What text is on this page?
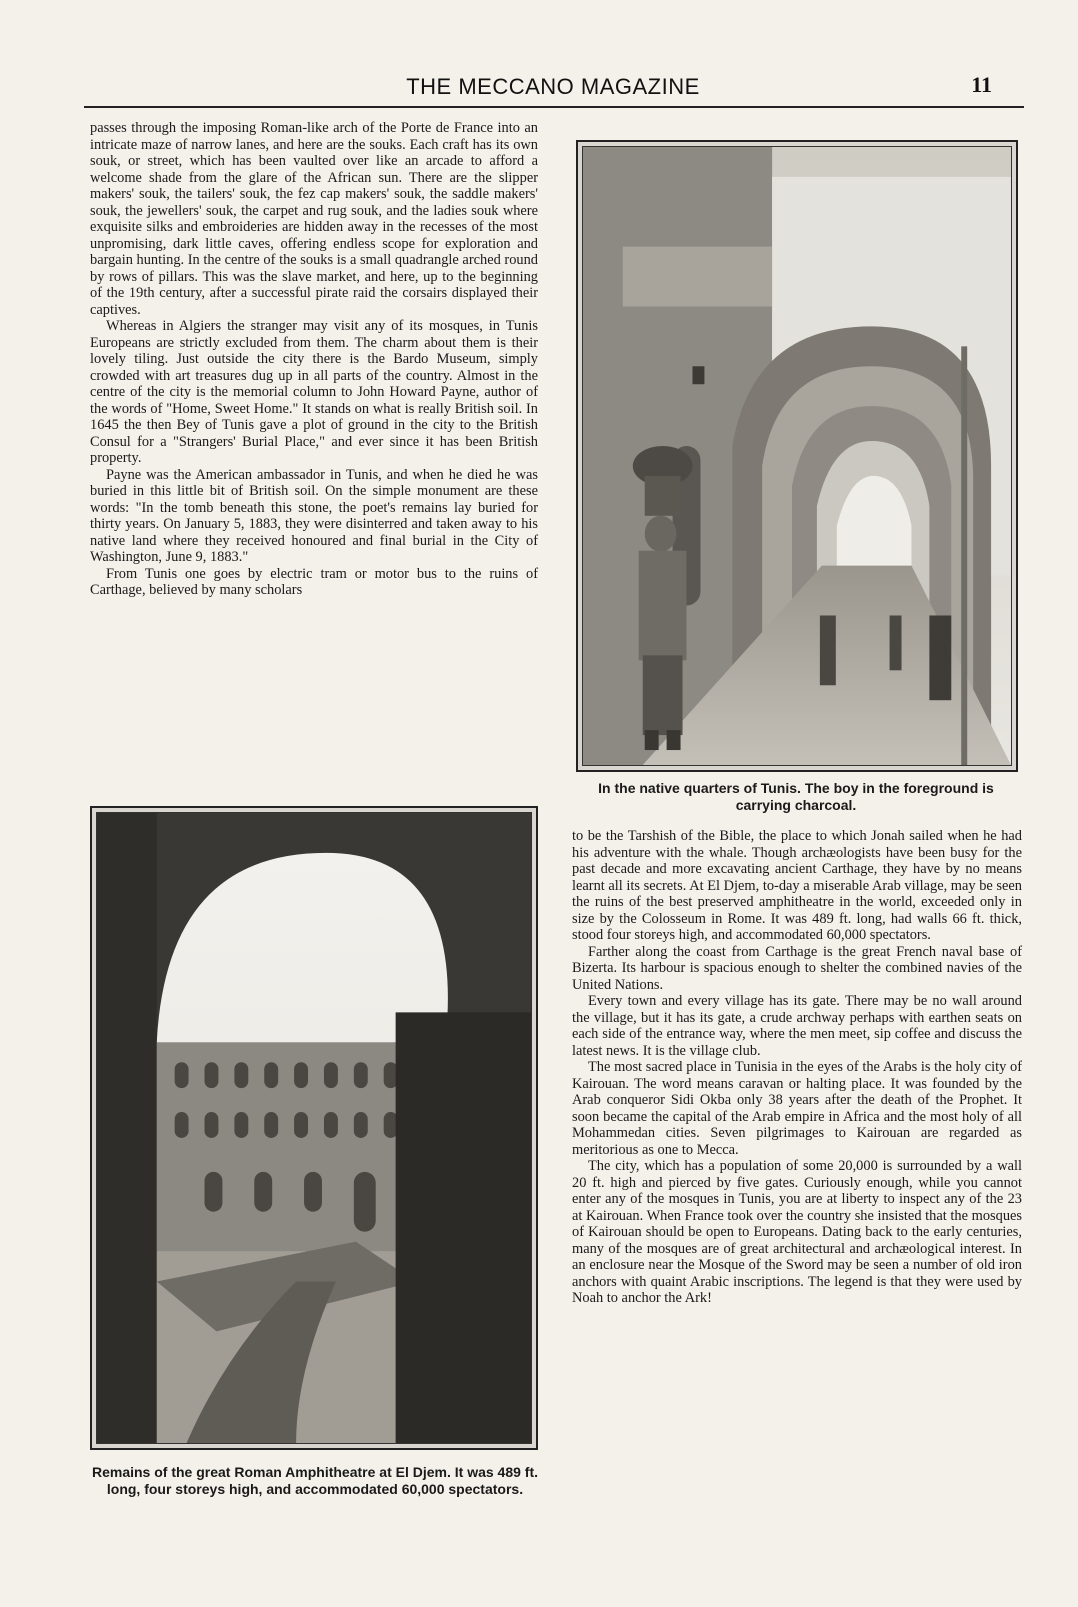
THE MECCANO MAGAZINE	11

passes through the imposing Roman-like arch of the Porte de France into an intricate maze of narrow lanes, and here are the souks. Each craft has its own souk, or street, which has been vaulted over like an arcade to afford a welcome shade from the glare of the African sun. There are the slipper makers' souk, the tailers' souk, the fez cap makers' souk, the saddle makers' souk, the jewellers' souk, the carpet and rug souk, and the ladies souk where exquisite silks and embroideries are hidden away in the recesses of the most unpromising, dark little caves, offering endless scope for exploration and bargain hunting. In the centre of the souks is a small quadrangle arched round by rows of pillars. This was the slave market, and here, up to the beginning of the 19th century, after a successful pirate raid the corsairs displayed their captives.

Whereas in Algiers the stranger may visit any of its mosques, in Tunis Europeans are strictly excluded from them. The charm about them is their lovely tiling. Just outside the city there is the Bardo Museum, simply crowded with art treasures dug up in all parts of the country. Almost in the centre of the city is the memorial column to John Howard Payne, author of the words of "Home, Sweet Home." It stands on what is really British soil. In 1645 the then Bey of Tunis gave a plot of ground in the city to the British Consul for a "Strangers' Burial Place," and ever since it has been British property.

Payne was the American ambassador in Tunis, and when he died he was buried in this little bit of British soil. On the simple monument are these words: "In the tomb beneath this stone, the poet's remains lay buried for thirty years. On January 5, 1883, they were disinterred and taken away to his native land where they received honoured and final burial in the City of Washington, June 9, 1883."

From Tunis one goes by electric tram or motor bus to the ruins of Carthage, believed by many scholars

In the native quarters of Tunis. The boy in the foreground is carrying charcoal.
Remains of the great Roman Amphitheatre at El Djem. It was 489 ft. long, four storeys high, and accommodated 60,000 spectators.

to be the Tarshish of the Bible, the place to which Jonah sailed when he had his adventure with the whale. Though archæologists have been busy for the past decade and more excavating ancient Carthage, they have by no means learnt all its secrets. At El Djem, to-day a miserable Arab village, may be seen the ruins of the best preserved amphitheatre in the world, exceeded only in size by the Colosseum in Rome. It was 489 ft. long, had walls 66 ft. thick, stood four storeys high, and accommodated 60,000 spectators.

Farther along the coast from Carthage is the great French naval base of Bizerta. Its harbour is spacious enough to shelter the combined navies of the United Nations.

Every town and every village has its gate. There may be no wall around the village, but it has its gate, a crude archway perhaps with earthen seats on each side of the entrance way, where the men meet, sip coffee and discuss the latest news. It is the village club.

The most sacred place in Tunisia in the eyes of the Arabs is the holy city of Kairouan. The word means caravan or halting place. It was founded by the Arab conqueror Sidi Okba only 38 years after the death of the Prophet. It soon became the capital of the Arab empire in Africa and the most holy of all Mohammedan cities. Seven pilgrimages to Kairouan are regarded as meritorious as one to Mecca.

The city, which has a population of some 20,000 is surrounded by a wall 20 ft. high and pierced by five gates. Curiously enough, while you cannot enter any of the mosques in Tunis, you are at liberty to inspect any of the 23 at Kairouan. When France took over the country she insisted that the mosques of Kairouan should be open to Europeans. Dating back to the early centuries, many of the mosques are of great architectural and archæological interest. In an enclosure near the Mosque of the Sword may be seen a number of old iron anchors with quaint Arabic inscriptions. The legend is that they were used by Noah to anchor the Ark!
